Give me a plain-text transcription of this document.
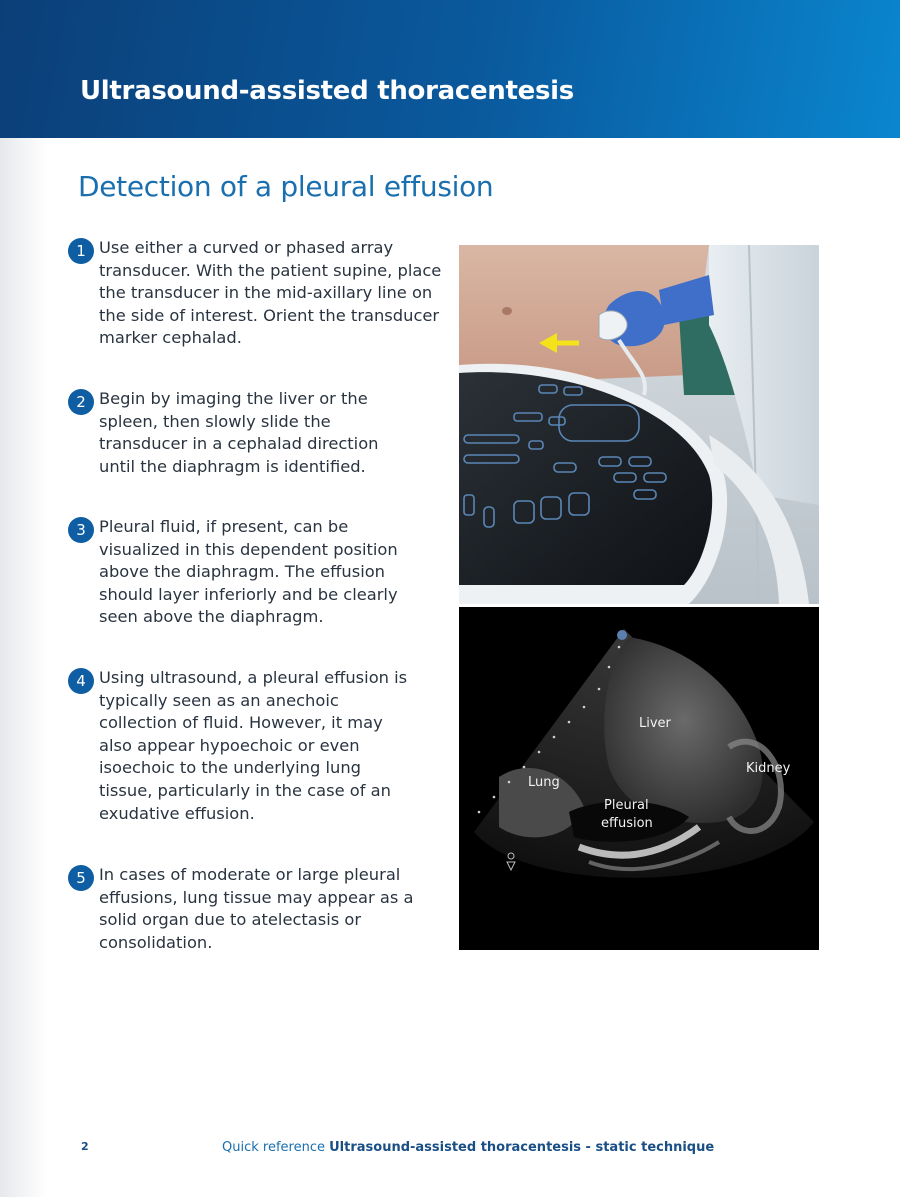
Ultrasound-assisted thoracentesis
Detection of a pleural effusion
1 Use either a curved or phased array transducer. With the patient supine, place the transducer in the mid-axillary line on the side of interest. Orient the transducer marker cephalad.
2 Begin by imaging the liver or the spleen, then slowly slide the transducer in a cephalad direction until the diaphragm is identified.
3 Pleural fluid, if present, can be visualized in this dependent position above the diaphragm. The effusion should layer inferiorly and be clearly seen above the diaphragm.
4 Using ultrasound, a pleural effusion is typically seen as an anechoic collection of fluid. However, it may also appear hypoechoic or even isoechoic to the underlying lung tissue, particularly in the case of an exudative effusion.
5 In cases of moderate or large pleural effusions, lung tissue may appear as a solid organ due to atelectasis or consolidation.
Liver
Kidney
Lung
Pleural
effusion
2	Quick reference Ultrasound-assisted thoracentesis - static technique
